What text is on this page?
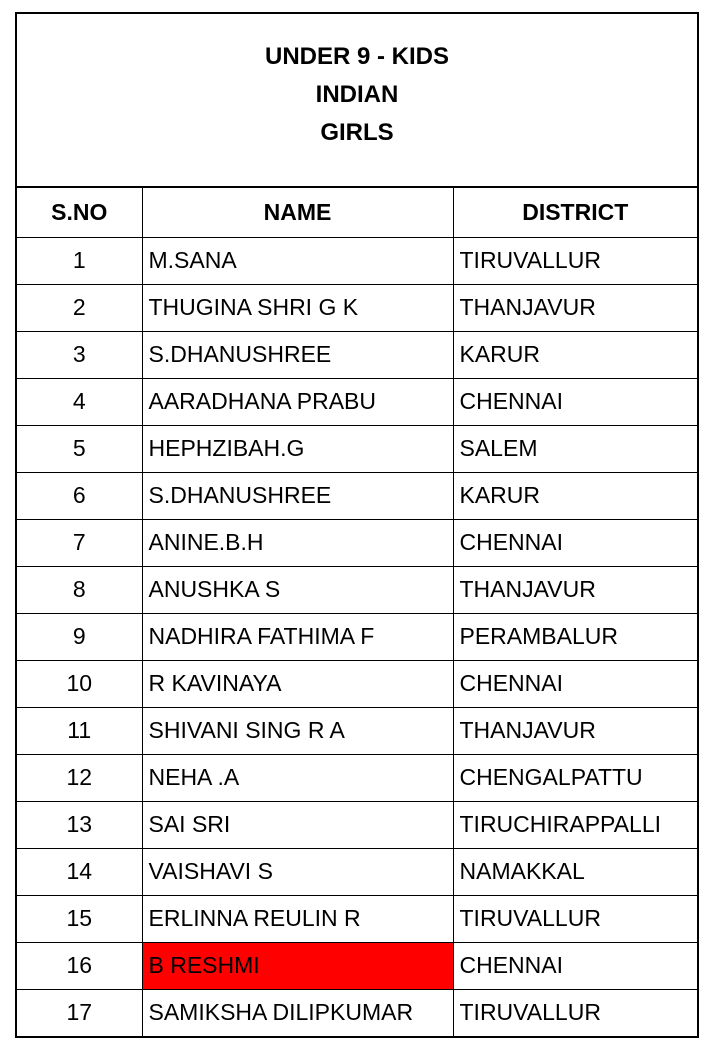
UNDER 9 - KIDS
INDIAN
GIRLS
S.NO	NAME	DISTRICT
1	M.SANA	TIRUVALLUR
2	THUGINA SHRI G K	THANJAVUR
3	S.DHANUSHREE	KARUR
4	AARADHANA PRABU	CHENNAI
5	HEPHZIBAH.G	SALEM
6	S.DHANUSHREE	KARUR
7	ANINE.B.H	CHENNAI
8	ANUSHKA S	THANJAVUR
9	NADHIRA FATHIMA F	PERAMBALUR
10	R KAVINAYA	CHENNAI
11	SHIVANI SING R A	THANJAVUR
12	NEHA .A	CHENGALPATTU
13	SAI SRI	TIRUCHIRAPPALLI
14	VAISHAVI S	NAMAKKAL
15	ERLINNA REULIN R	TIRUVALLUR
16	B RESHMI	CHENNAI
17	SAMIKSHA DILIPKUMAR	TIRUVALLUR
